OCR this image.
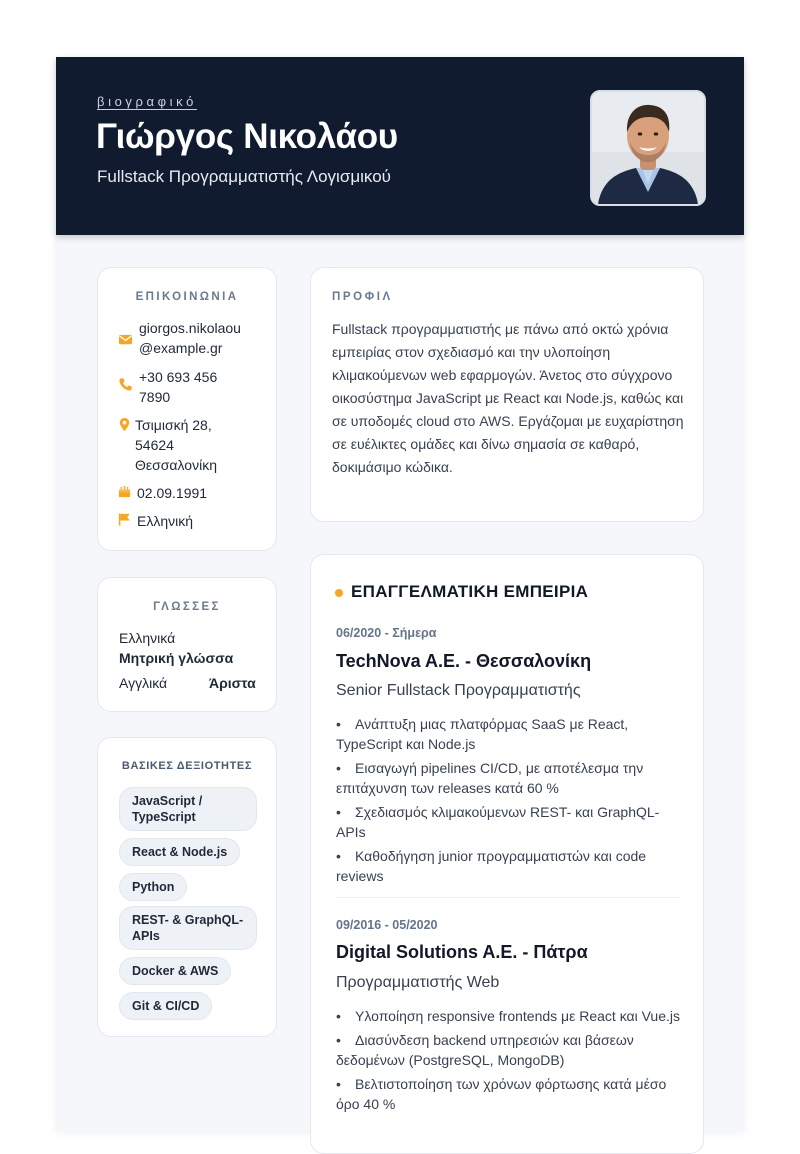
βιογραφικό
Γιώργος Νικολάου
Fullstack Προγραμματιστής Λογισμικού
ΕΠΙΚΟΙΝΩΝΙΑ
giorgos.nikolaou
@example.gr
+30 693 456
7890
Τσιμισκή 28,
54624
Θεσσαλονίκη
02.09.1991
Ελληνική
ΓΛΩΣΣΕΣ
Ελληνικά
Μητρική γλώσσα
Αγγλικά	Άριστα
ΒΑΣΙΚΕΣ ΔΕΞΙΟΤΗΤΕΣ
JavaScript / TypeScript
React & Node.js
Python
REST- & GraphQL-APIs
Docker & AWS
Git & CI/CD
ΠΡΟΦΙΛ
Fullstack προγραμματιστής με πάνω από οκτώ χρόνια εμπειρίας στον σχεδιασμό και την υλοποίηση κλιμακούμενων web εφαρμογών. Άνετος στο σύγχρονο οικοσύστημα JavaScript με React και Node.js, καθώς και σε υποδομές cloud στο AWS. Εργάζομαι με ευχαρίστηση σε ευέλικτες ομάδες και δίνω σημασία σε καθαρό, δοκιμάσιμο κώδικα.
ΕΠΑΓΓΕΛΜΑΤΙΚΗ ΕΜΠΕΙΡΙΑ
06/2020 - Σήμερα
TechNova A.E. - Θεσσαλονίκη
Senior Fullstack Προγραμματιστής
• Ανάπτυξη μιας πλατφόρμας SaaS με React, TypeScript και Node.js
• Εισαγωγή pipelines CI/CD, με αποτέλεσμα την επιτάχυνση των releases κατά 60 %
• Σχεδιασμός κλιμακούμενων REST- και GraphQL-APIs
• Καθοδήγηση junior προγραμματιστών και code reviews
09/2016 - 05/2020
Digital Solutions A.E. - Πάτρα
Προγραμματιστής Web
• Υλοποίηση responsive frontends με React και Vue.js
• Διασύνδεση backend υπηρεσιών και βάσεων δεδομένων (PostgreSQL, MongoDB)
• Βελτιστοποίηση των χρόνων φόρτωσης κατά μέσο όρο 40 %
